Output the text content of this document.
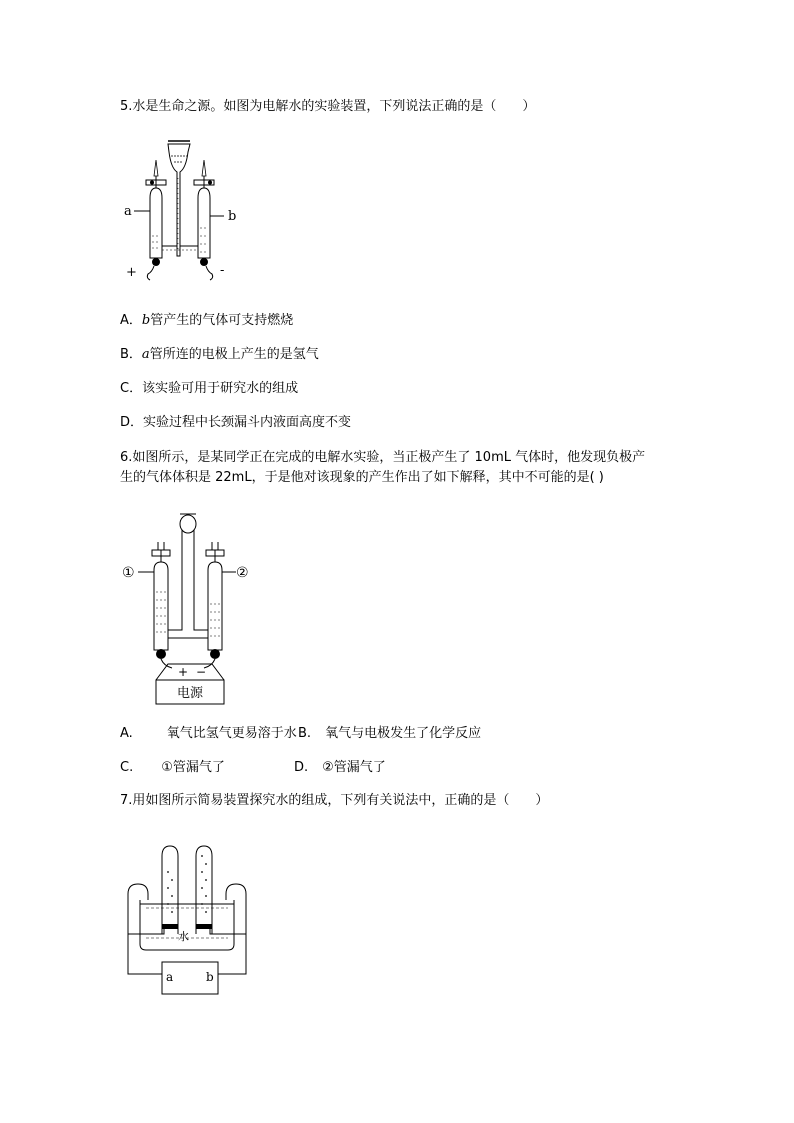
5.水是生命之源。如图为电解水的实验装置，下列说法正确的是（　　）
a	b
+	-
A．b管产生的气体可支持燃烧
B．a管所连的电极上产生的是氢气
C．该实验可用于研究水的组成
D．实验过程中长颈漏斗内液面高度不变
6.如图所示，是某同学正在完成的电解水实验，当正极产生了 10mL 气体时，他发现负极产
生的气体体积是 22mL，于是他对该现象的产生作出了如下解释，其中不可能的是( )
+ −
电源
①	②
A.	氧气比氢气更易溶于水 B. 氧气与电极发生了化学反应
C. ①管漏气了	D. ②管漏气了
7.用如图所示简易装置探究水的组成，下列有关说法中，正确的是（　　）
水
a	b
